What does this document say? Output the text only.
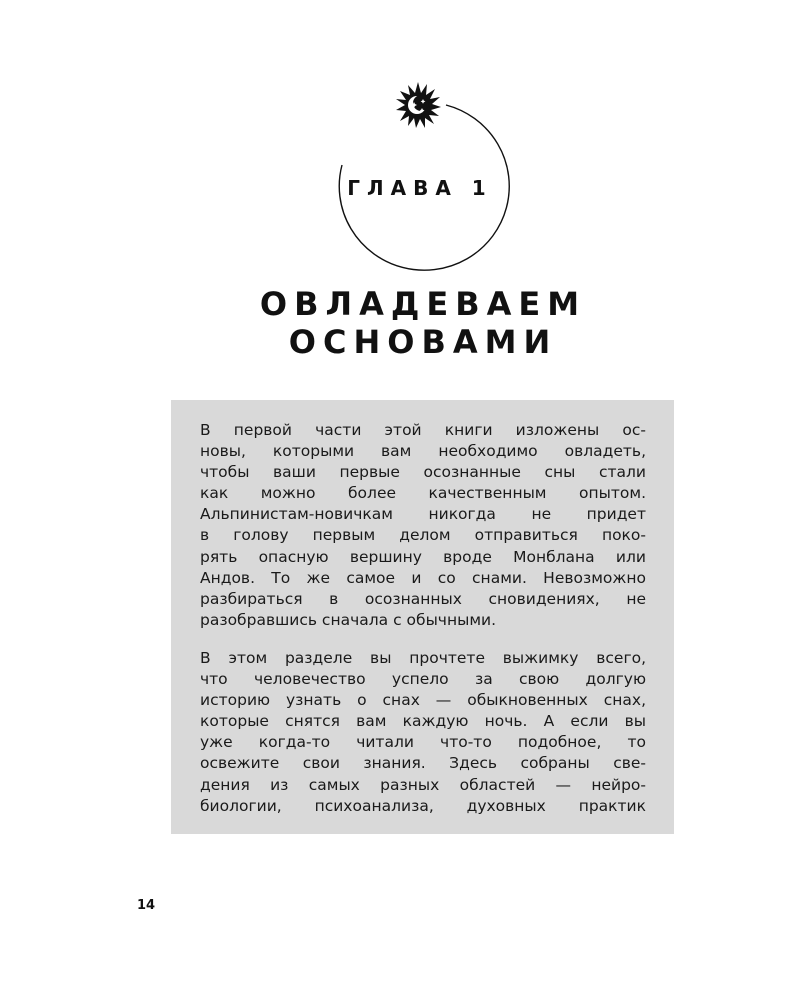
ГЛАВА 1
ОВЛАДЕВАЕМ
ОСНОВАМИ

В первой части этой книги изложены ос-
новы, которыми вам необходимо овладеть,
чтобы ваши первые осознанные сны стали
как можно более качественным опытом.
Альпинистам-новичкам никогда не придет
в голову первым делом отправиться поко-
рять опасную вершину вроде Монблана или
Андов. То же самое и со снами. Невозможно
разбираться в осознанных сновидениях, не
разобравшись сначала с обычными.

В этом разделе вы прочтете выжимку всего,
что человечество успело за свою долгую
историю узнать о снах — обыкновенных снах,
которые снятся вам каждую ночь. А если вы
уже когда-то читали что-то подобное, то
освежите свои знания. Здесь собраны све-
дения из самых разных областей — нейро-
биологии, психоанализа, духовных практик

14
